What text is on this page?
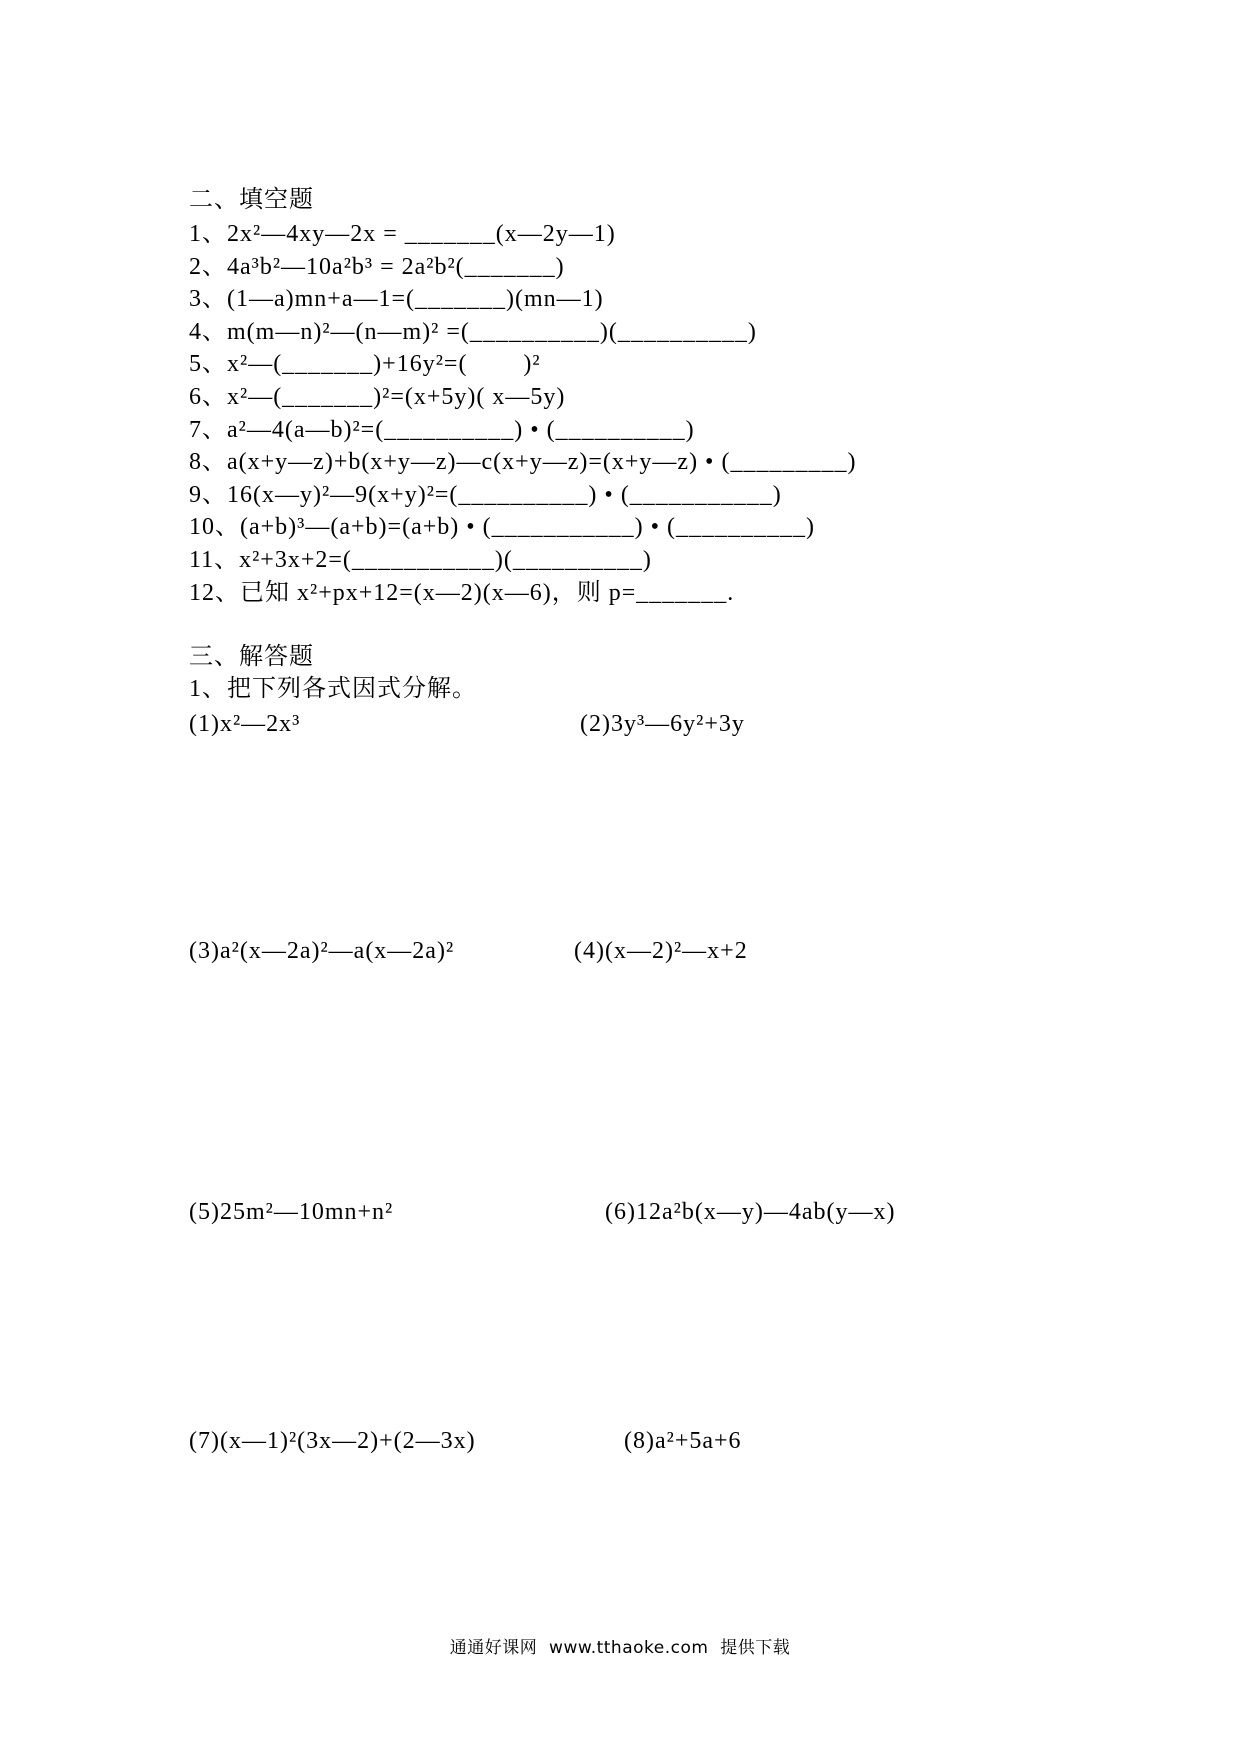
二、填空题
1、2x²—4xy—2x = _______(x—2y—1)
2、4a³b²—10a²b³ = 2a²b²(_______)
3、(1—a)mn+a—1=(_______)(mn—1)
4、m(m—n)²—(n—m)² =(__________)(__________)
5、x²—(_______)+16y²=(        )²
6、x²—(_______)²=(x+5y)( x—5y)
7、a²—4(a—b)²=(__________) • (__________)
8、a(x+y—z)+b(x+y—z)—c(x+y—z)=(x+y—z) • (_________)
9、16(x—y)²—9(x+y)²=(__________) • (___________)
10、(a+b)³—(a+b)=(a+b) • (___________) • (__________)
11、x²+3x+2=(___________)(__________)
12、已知 x²+px+12=(x—2)(x—6)，则 p=_______.
三、解答题
1、把下列各式因式分解。
(1)x²—2x³	(2)3y³—6y²+3y
(3)a²(x—2a)²—a(x—2a)²	(4)(x—2)²—x+2
(5)25m²—10mn+n²	(6)12a²b(x—y)—4ab(y—x)
(7)(x—1)²(3x—2)+(2—3x)	(8)a²+5a+6
通通好课网  www.tthaoke.com  提供下载
